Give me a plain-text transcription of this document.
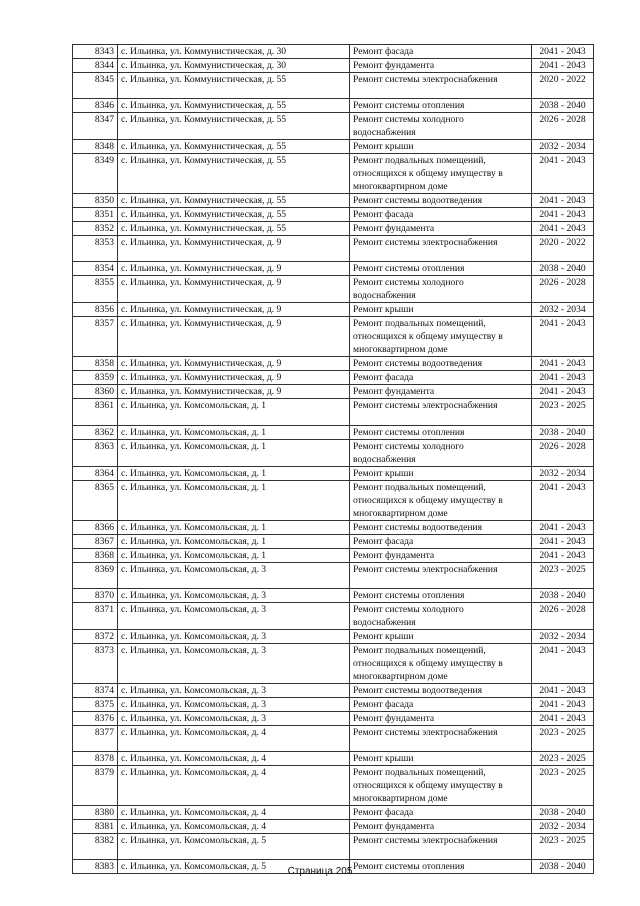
8343	с. Ильинка, ул. Коммунистическая, д. 30	Ремонт фасада	2041 - 2043
8344	с. Ильинка, ул. Коммунистическая, д. 30	Ремонт фундамента	2041 - 2043
8345	с. Ильинка, ул. Коммунистическая, д. 55	Ремонт системы электроснабжения	2020 - 2022
8346	с. Ильинка, ул. Коммунистическая, д. 55	Ремонт системы отопления	2038 - 2040
8347	с. Ильинка, ул. Коммунистическая, д. 55	Ремонт системы холодного водоснабжения	2026 - 2028
8348	с. Ильинка, ул. Коммунистическая, д. 55	Ремонт крыши	2032 - 2034
8349	с. Ильинка, ул. Коммунистическая, д. 55	Ремонт подвальных помещений, относящихся к общему имуществу в многоквартирном доме	2041 - 2043
8350	с. Ильинка, ул. Коммунистическая, д. 55	Ремонт системы водоотведения	2041 - 2043
8351	с. Ильинка, ул. Коммунистическая, д. 55	Ремонт фасада	2041 - 2043
8352	с. Ильинка, ул. Коммунистическая, д. 55	Ремонт фундамента	2041 - 2043
8353	с. Ильинка, ул. Коммунистическая, д. 9	Ремонт системы электроснабжения	2020 - 2022
8354	с. Ильинка, ул. Коммунистическая, д. 9	Ремонт системы отопления	2038 - 2040
8355	с. Ильинка, ул. Коммунистическая, д. 9	Ремонт системы холодного водоснабжения	2026 - 2028
8356	с. Ильинка, ул. Коммунистическая, д. 9	Ремонт крыши	2032 - 2034
8357	с. Ильинка, ул. Коммунистическая, д. 9	Ремонт подвальных помещений, относящихся к общему имуществу в многоквартирном доме	2041 - 2043
8358	с. Ильинка, ул. Коммунистическая, д. 9	Ремонт системы водоотведения	2041 - 2043
8359	с. Ильинка, ул. Коммунистическая, д. 9	Ремонт фасада	2041 - 2043
8360	с. Ильинка, ул. Коммунистическая, д. 9	Ремонт фундамента	2041 - 2043
8361	с. Ильинка, ул. Комсомольская, д. 1	Ремонт системы электроснабжения	2023 - 2025
8362	с. Ильинка, ул. Комсомольская, д. 1	Ремонт системы отопления	2038 - 2040
8363	с. Ильинка, ул. Комсомольская, д. 1	Ремонт системы холодного водоснабжения	2026 - 2028
8364	с. Ильинка, ул. Комсомольская, д. 1	Ремонт крыши	2032 - 2034
8365	с. Ильинка, ул. Комсомольская, д. 1	Ремонт подвальных помещений, относящихся к общему имуществу в многоквартирном доме	2041 - 2043
8366	с. Ильинка, ул. Комсомольская, д. 1	Ремонт системы водоотведения	2041 - 2043
8367	с. Ильинка, ул. Комсомольская, д. 1	Ремонт фасада	2041 - 2043
8368	с. Ильинка, ул. Комсомольская, д. 1	Ремонт фундамента	2041 - 2043
8369	с. Ильинка, ул. Комсомольская, д. 3	Ремонт системы электроснабжения	2023 - 2025
8370	с. Ильинка, ул. Комсомольская, д. 3	Ремонт системы отопления	2038 - 2040
8371	с. Ильинка, ул. Комсомольская, д. 3	Ремонт системы холодного водоснабжения	2026 - 2028
8372	с. Ильинка, ул. Комсомольская, д. 3	Ремонт крыши	2032 - 2034
8373	с. Ильинка, ул. Комсомольская, д. 3	Ремонт подвальных помещений, относящихся к общему имуществу в многоквартирном доме	2041 - 2043
8374	с. Ильинка, ул. Комсомольская, д. 3	Ремонт системы водоотведения	2041 - 2043
8375	с. Ильинка, ул. Комсомольская, д. 3	Ремонт фасада	2041 - 2043
8376	с. Ильинка, ул. Комсомольская, д. 3	Ремонт фундамента	2041 - 2043
8377	с. Ильинка, ул. Комсомольская, д. 4	Ремонт системы электроснабжения	2023 - 2025
8378	с. Ильинка, ул. Комсомольская, д. 4	Ремонт крыши	2023 - 2025
8379	с. Ильинка, ул. Комсомольская, д. 4	Ремонт подвальных помещений, относящихся к общему имуществу в многоквартирном доме	2023 - 2025
8380	с. Ильинка, ул. Комсомольская, д. 4	Ремонт фасада	2038 - 2040
8381	с. Ильинка, ул. Комсомольская, д. 4	Ремонт фундамента	2032 - 2034
8382	с. Ильинка, ул. Комсомольская, д. 5	Ремонт системы электроснабжения	2023 - 2025
8383	с. Ильинка, ул. Комсомольская, д. 5	Ремонт системы отопления	2038 - 2040
Страница 205
